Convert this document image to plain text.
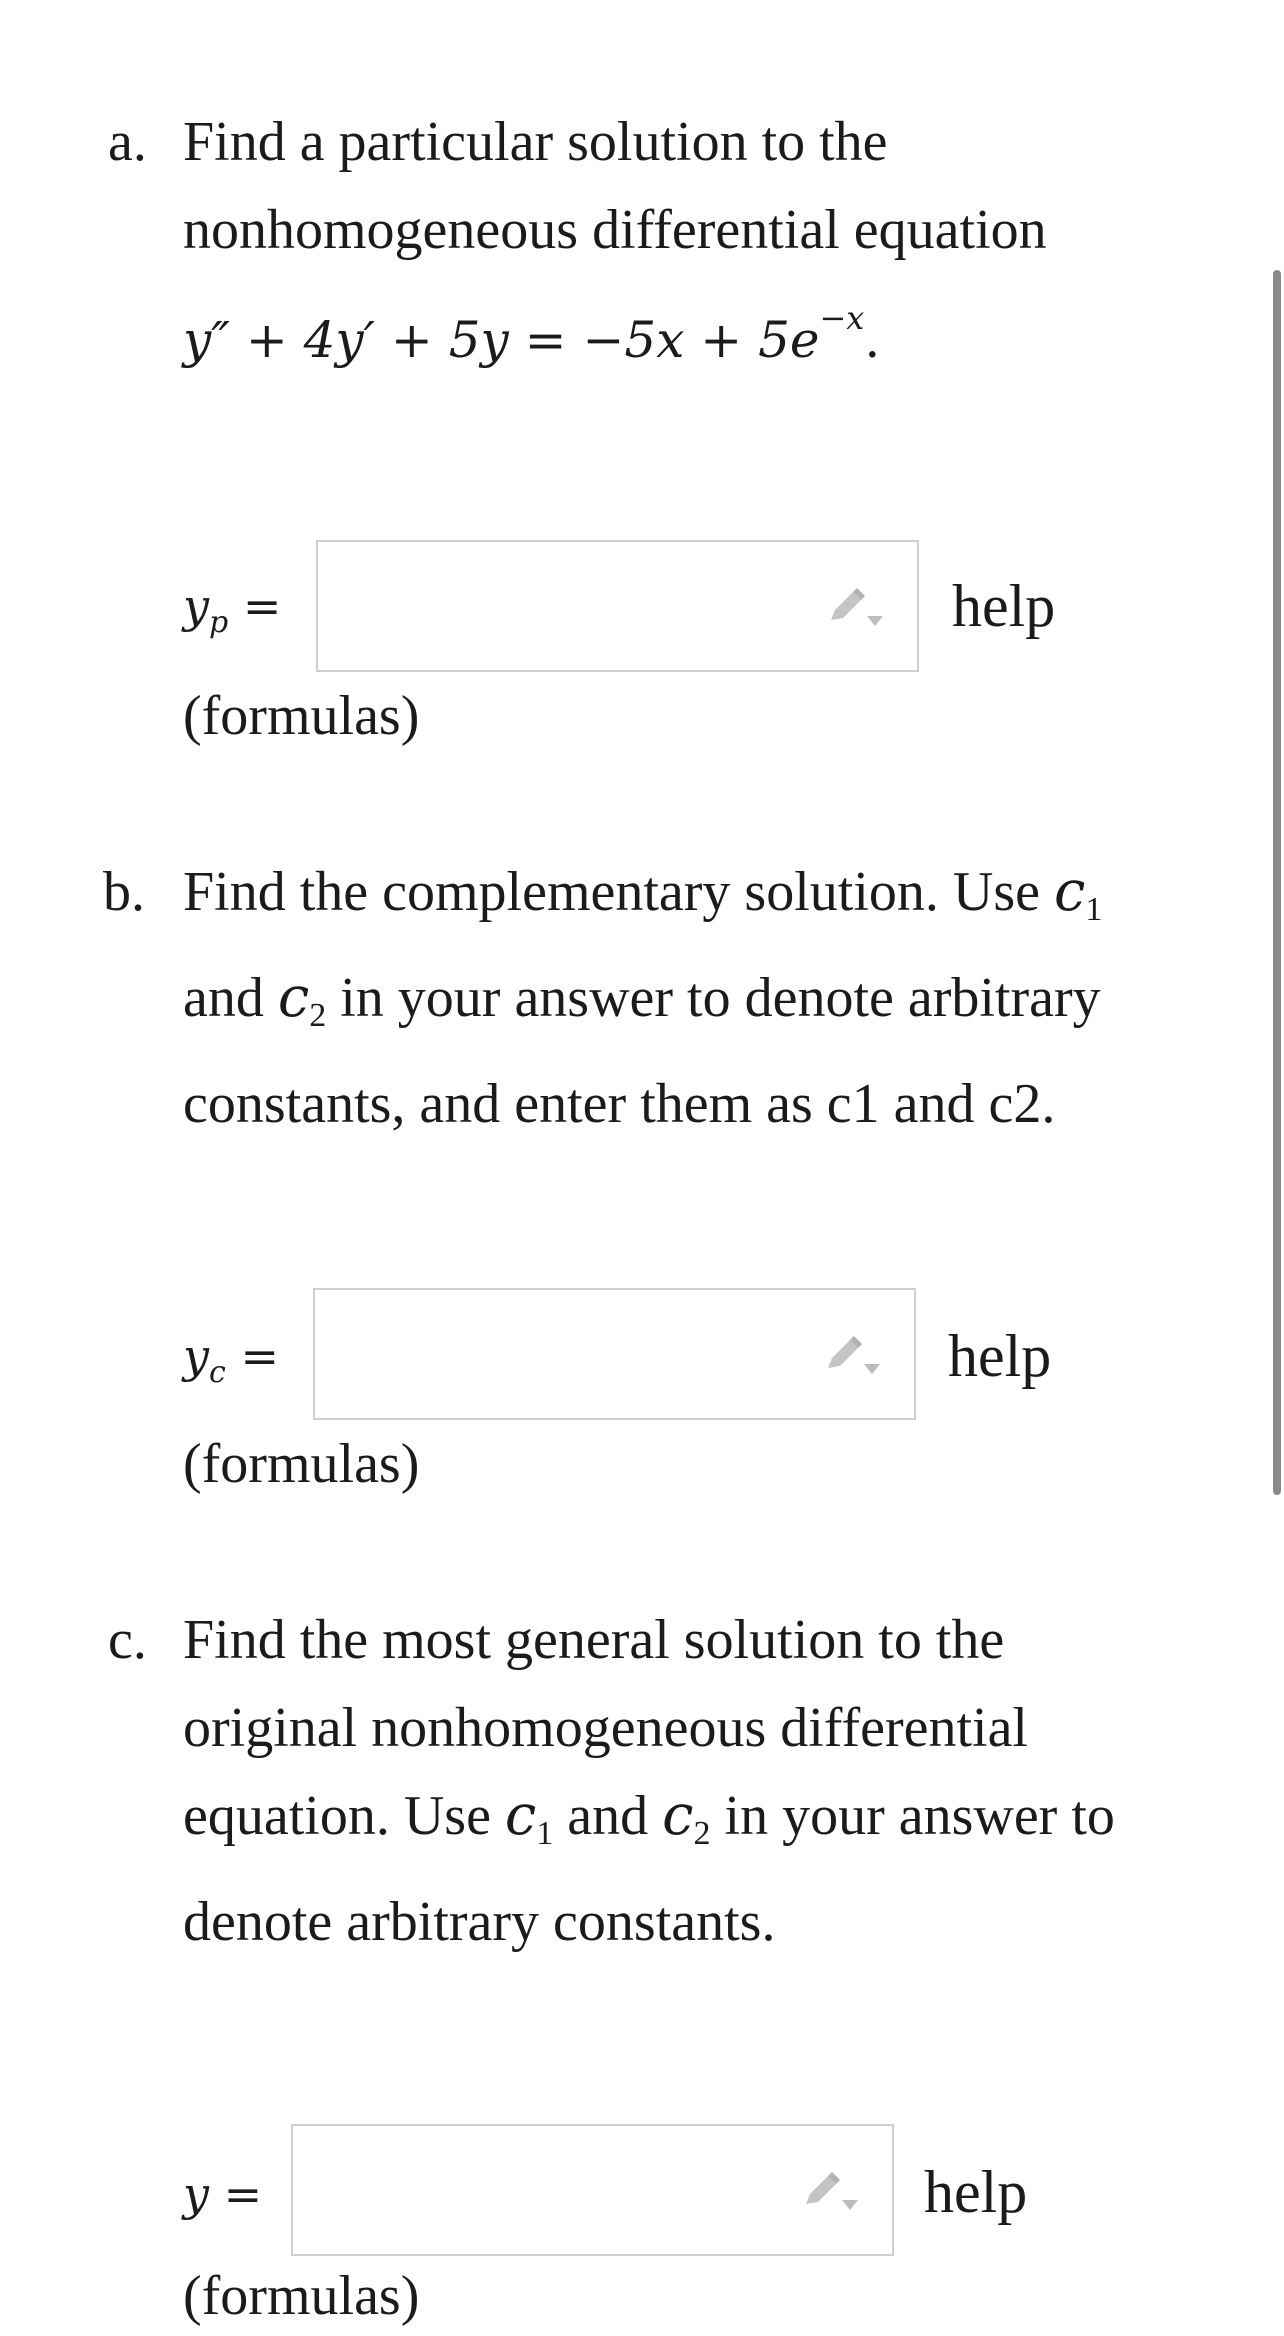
a. Find a particular solution to the nonhomogeneous differential equation

$y'' + 4y' + 5y = -5x + 5e^{-x}$.

$y_p$ =	help
(formulas)
b. Find the complementary solution. Use $c_1$ and $c_2$ in your answer to denote arbitrary constants, and enter them as c1 and c2.

$y_c$ =	help
(formulas)
c. Find the most general solution to the original nonhomogeneous differential equation. Use $c_1$ and $c_2$ in your answer to denote arbitrary constants.

y =	help
(formulas)
